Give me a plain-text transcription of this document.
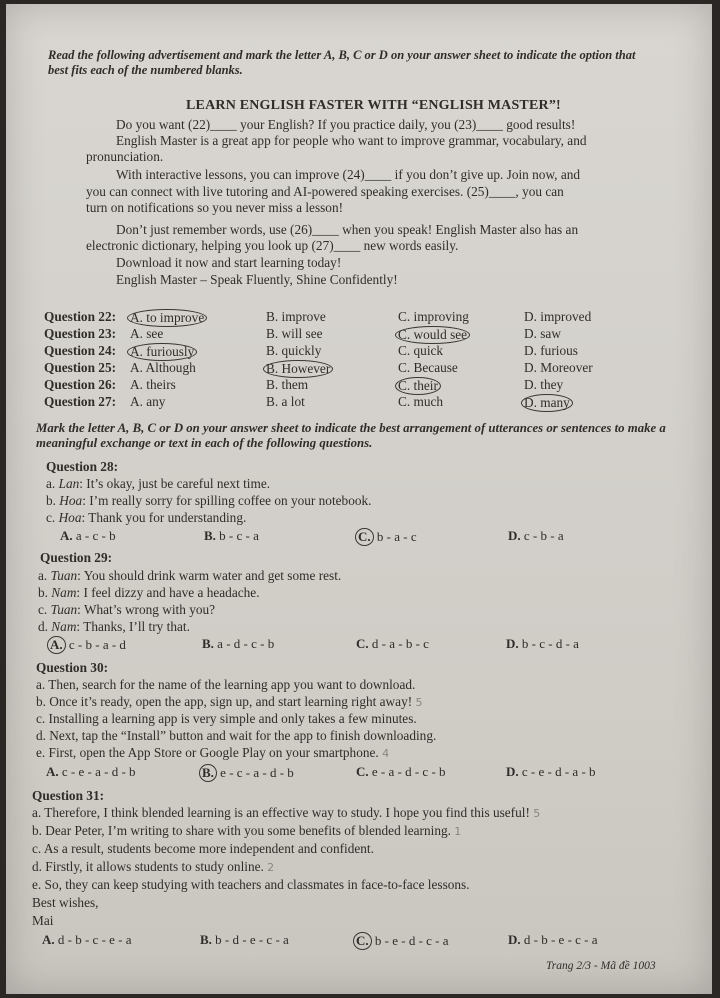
Read the following advertisement and mark the letter A, B, C or D on your answer sheet to indicate the option that best fits each of the numbered blanks.
LEARN ENGLISH FASTER WITH “ENGLISH MASTER”!
Do you want (22)____ your English? If you practice daily, you (23)____ good results!
English Master is a great app for people who want to improve grammar, vocabulary, and
pronunciation.
With interactive lessons, you can improve (24)____ if you don’t give up. Join now, and
you can connect with live tutoring and AI-powered speaking exercises. (25)____, you can
turn on notifications so you never miss a lesson!
Don’t just remember words, use (26)____ when you speak! English Master also has an
electronic dictionary, helping you look up (27)____ new words easily.
Download it now and start learning today!
English Master – Speak Fluently, Shine Confidently!
Question 22: A. to improve	B. improve	C. improving	D. improved
Question 23: A. see	B. will see	C. would see	D. saw
Question 24: A. furiously	B. quickly	C. quick	D. furious
Question 25: A. Although	B. However	C. Because	D. Moreover
Question 26: A. theirs	B. them	C. their	D. they
Question 27: A. any	B. a lot	C. much	D. many
Mark the letter A, B, C or D on your answer sheet to indicate the best arrangement of utterances or sentences to make a meaningful exchange or text in each of the following questions.
Question 28:
a. Lan: It’s okay, just be careful next time.
b. Hoa: I’m really sorry for spilling coffee on your notebook.
c. Hoa: Thank you for understanding.
A. a - c - b	B. b - c - a	C. b - a - c	D. c - b - a
Question 29:
a. Tuan: You should drink warm water and get some rest.
b. Nam: I feel dizzy and have a headache.
c. Tuan: What’s wrong with you?
d. Nam: Thanks, I’ll try that.
A. c - b - a - d	B. a - d - c - b	C. d - a - b - c	D. b - c - d - a
Question 30:
a. Then, search for the name of the learning app you want to download.
b. Once it’s ready, open the app, sign up, and start learning right away! 5
c. Installing a learning app is very simple and only takes a few minutes.
d. Next, tap the “Install” button and wait for the app to finish downloading.
e. First, open the App Store or Google Play on your smartphone. 4
A. c - e - a - d - b	B. e - c - a - d - b	C. e - a - d - c - b	D. c - e - d - a - b
Question 31:
a. Therefore, I think blended learning is an effective way to study. I hope you find this useful! 5
b. Dear Peter, I’m writing to share with you some benefits of blended learning. 1
c. As a result, students become more independent and confident.
d. Firstly, it allows students to study online. 2
e. So, they can keep studying with teachers and classmates in face-to-face lessons.
Best wishes,
Mai
A. d - b - c - e - a	B. b - d - e - c - a	C. b - e - d - c - a	D. d - b - e - c - a
Trang 2/3 - Mã đề 1003
